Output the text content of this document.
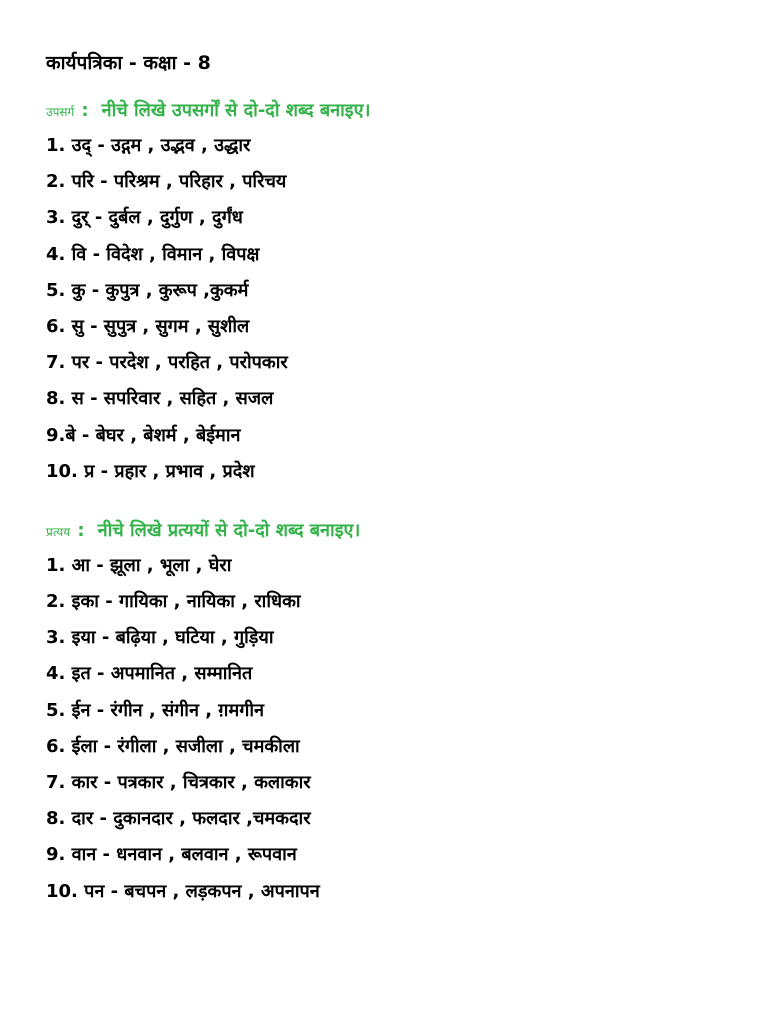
कार्यपत्रिका - कक्षा - 8
उपसर्ग : नीचे लिखे उपसर्गों से दो-दो शब्द बनाइए।
1. उद् - उद्गम , उद्भव , उद्धार
2. परि - परिश्रम , परिहार , परिचय
3. दुर् - दुर्बल , दुर्गुण , दुर्गंध
4. वि - विदेश , विमान , विपक्ष
5. कु - कुपुत्र , कुरूप ,कुकर्म
6. सु - सुपुत्र , सुगम , सुशील
7. पर - परदेश , परहित , परोपकार
8. स - सपरिवार , सहित , सजल
9.बे - बेघर , बेशर्म , बेईमान
10. प्र - प्रहार , प्रभाव , प्रदेश
प्रत्यय : नीचे लिखे प्रत्ययों से दो-दो शब्द बनाइए।
1. आ - झूला , भूला , घेरा
2. इका - गायिका , नायिका , राधिका
3. इया - बढ़िया , घटिया , गुड़िया
4. इत - अपमानित , सम्मानित
5. ईन - रंगीन , संगीन , ग़मगीन
6. ईला - रंगीला , सजीला , चमकीला
7. कार - पत्रकार , चित्रकार , कलाकार
8. दार - दुकानदार , फलदार ,चमकदार
9. वान - धनवान , बलवान , रूपवान
10. पन - बचपन , लड़कपन , अपनापन
